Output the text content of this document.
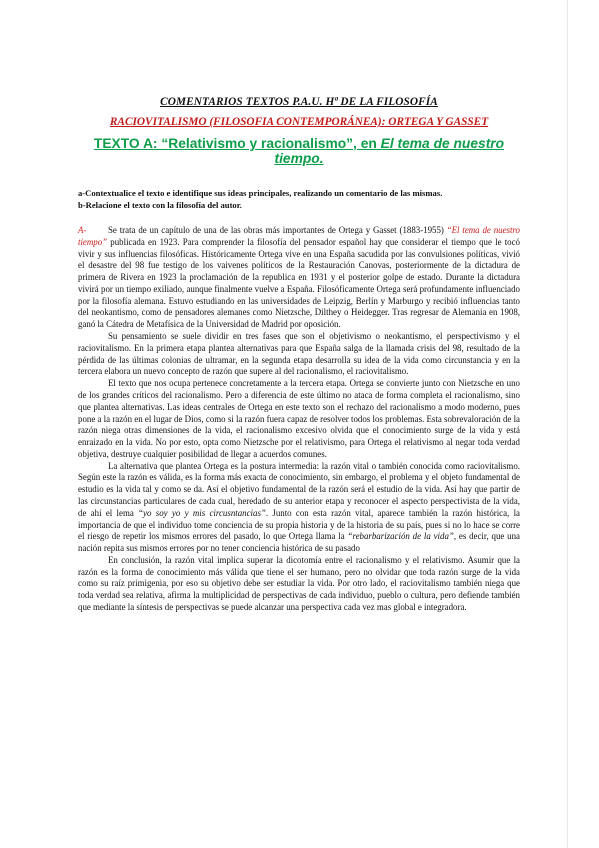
COMENTARIOS TEXTOS P.A.U. Hª DE LA FILOSOFÍA

RACIOVITALISMO (FILOSOFIA CONTEMPORÁNEA): ORTEGA Y GASSET

TEXTO A: “Relativismo y racionalismo”, en El tema de nuestro tiempo.

a-Contextualice el texto e identifique sus ideas principales, realizando un comentario de las mismas.

b-Relacione el texto con la filosofía del autor.

A- Se trata de un capítulo de una de las obras más importantes de Ortega y Gasset (1883-1955) “El tema de nuestro tiempo” publicada en 1923. Para comprender la filosofía del pensador español hay que considerar el tiempo que le tocó vivir y sus influencias filosóficas. Históricamente Ortega vive en una España sacudida por las convulsiones políticas, vivió el desastre del 98 fue testigo de los vaivenes políticos de la Restauración Canovas, posteriormente de la dictadura de primera de Rivera en 1923 la proclamación de la republica en 1931 y el posterior golpe de estado. Durante la dictadura vivirá por un tiempo exiliado, aunque finalmente vuelve a España. Filosóficamente Ortega será profundamente influenciado por la filosofía alemana. Estuvo estudiando en las universidades de Leipzig, Berlín y Marburgo y recibió influencias tanto del neokantismo, como de pensadores alemanes como Nietzsche, Dilthey o Heidegger. Tras regresar de Alemania en 1908, ganó la Cátedra de Metafísica de la Universidad de Madrid por oposición.

Su pensamiento se suele dividir en tres fases que son el objetivismo o neokantismo, el perspectivismo y el raciovitalismo. En la primera etapa plantea alternativas para que España salga de la llamada crisis del 98, resultado de la pérdida de las últimas colonias de ultramar, en la segunda etapa desarrolla su idea de la vida como circunstancia y en la tercera elabora un nuevo concepto de razón que supere al del racionalismo, el raciovitalismo.

El texto que nos ocupa pertenece concretamente a la tercera etapa. Ortega se convierte junto con Nietzsche en uno de los grandes críticos del racionalismo. Pero a diferencia de este último no ataca de forma completa el racionalismo, sino que plantea alternativas. Las ideas centrales de Ortega en este texto son el rechazo del racionalismo a modo moderno, pues pone a la razón en el lugar de Dios, como si la razón fuera capaz de resolver todos los problemas. Esta sobrevaloración de la razón niega otras dimensiones de la vida, el racionalismo excesivo olvida que el conocimiento surge de la vida y está enraizado en la vida. No por esto, opta como Nietzsche por el relativismo, para Ortega el relativismo al negar toda verdad objetiva, destruye cualquier posibilidad de llegar a acuerdos comunes.

La alternativa que plantea Ortega es la postura intermedia: la razón vital o también conocida como raciovitalismo. Según este la razón es válida, es la forma más exacta de conocimiento, sin embargo, el problema y el objeto fundamental de estudio es la vida tal y como se da. Así el objetivo fundamental de la razón será el estudio de la vida. Así hay que partir de las circunstancias particulares de cada cual, heredado de su anterior etapa y reconocer el aspecto perspectivista de la vida, de ahí el lema “yo soy yo y mis circusntancias”. Junto con esta razón vital, aparece también la razón histórica, la importancia de que el individuo tome conciencia de su propia historia y de la historia de su país, pues si no lo hace se corre el riesgo de repetir los mismos errores del pasado, lo que Ortega llama la “rebarbarización de la vida”, es decir, que una nación repita sus mismos errores por no tener conciencia histórica de su pasado

En conclusión, la razón vital implica superar la dicotomía entre el racionalismo y el relativismo. Asumir que la razón es la forma de conocimiento más válida que tiene el ser humano, pero no olvidar que toda razón surge de la vida como su raíz primigenia, por eso su objetivo debe ser estudiar la vida. Por otro lado, el raciovitalismo también niega que toda verdad sea relativa, afirma la multiplicidad de perspectivas de cada individuo, pueblo o cultura, pero defiende también que mediante la síntesis de perspectivas se puede alcanzar una perspectiva cada vez mas global e integradora.
